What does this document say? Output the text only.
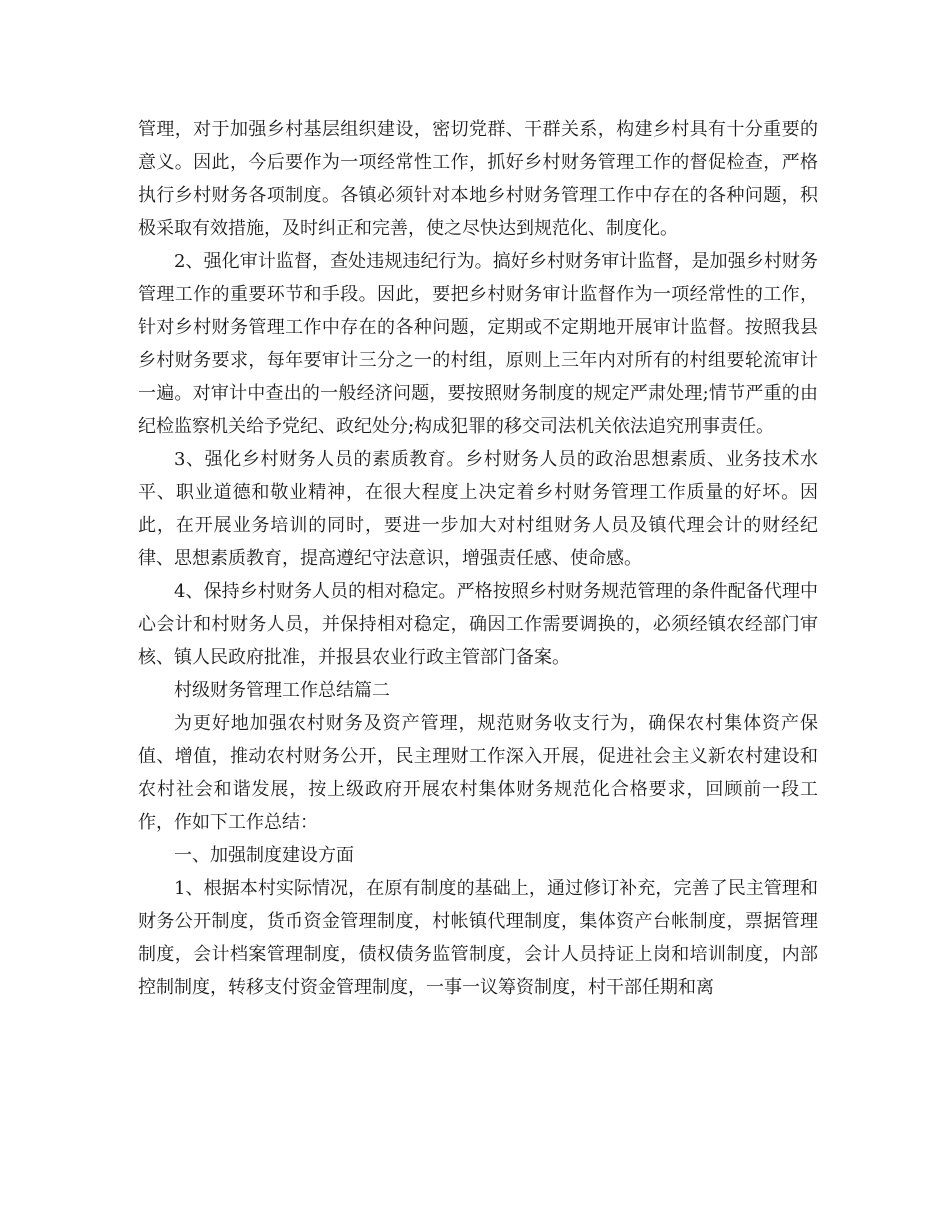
管理，对于加强乡村基层组织建设，密切党群、干群关系，构建乡村具有十分重要的意义。因此，今后要作为一项经常性工作，抓好乡村财务管理工作的督促检查，严格执行乡村财务各项制度。各镇必须针对本地乡村财务管理工作中存在的各种问题，积极采取有效措施，及时纠正和完善，使之尽快达到规范化、制度化。

2、强化审计监督，查处违规违纪行为。搞好乡村财务审计监督，是加强乡村财务管理工作的重要环节和手段。因此，要把乡村财务审计监督作为一项经常性的工作，针对乡村财务管理工作中存在的各种问题，定期或不定期地开展审计监督。按照我县乡村财务要求，每年要审计三分之一的村组，原则上三年内对所有的村组要轮流审计一遍。对审计中查出的一般经济问题，要按照财务制度的规定严肃处理;情节严重的由纪检监察机关给予党纪、政纪处分;构成犯罪的移交司法机关依法追究刑事责任。

3、强化乡村财务人员的素质教育。乡村财务人员的政治思想素质、业务技术水平、职业道德和敬业精神，在很大程度上决定着乡村财务管理工作质量的好坏。因此，在开展业务培训的同时，要进一步加大对村组财务人员及镇代理会计的财经纪律、思想素质教育，提高遵纪守法意识，增强责任感、使命感。

4、保持乡村财务人员的相对稳定。严格按照乡村财务规范管理的条件配备代理中心会计和村财务人员，并保持相对稳定，确因工作需要调换的，必须经镇农经部门审核、镇人民政府批准，并报县农业行政主管部门备案。

村级财务管理工作总结篇二

为更好地加强农村财务及资产管理，规范财务收支行为，确保农村集体资产保值、增值，推动农村财务公开，民主理财工作深入开展，促进社会主义新农村建设和农村社会和谐发展，按上级政府开展农村集体财务规范化合格要求，回顾前一段工作，作如下工作总结：

一、加强制度建设方面

1、根据本村实际情况，在原有制度的基础上，通过修订补充，完善了民主管理和财务公开制度，货币资金管理制度，村帐镇代理制度，集体资产台帐制度，票据管理制度，会计档案管理制度，债权债务监管制度，会计人员持证上岗和培训制度，内部控制制度，转移支付资金管理制度，一事一议筹资制度，村干部任期和离
